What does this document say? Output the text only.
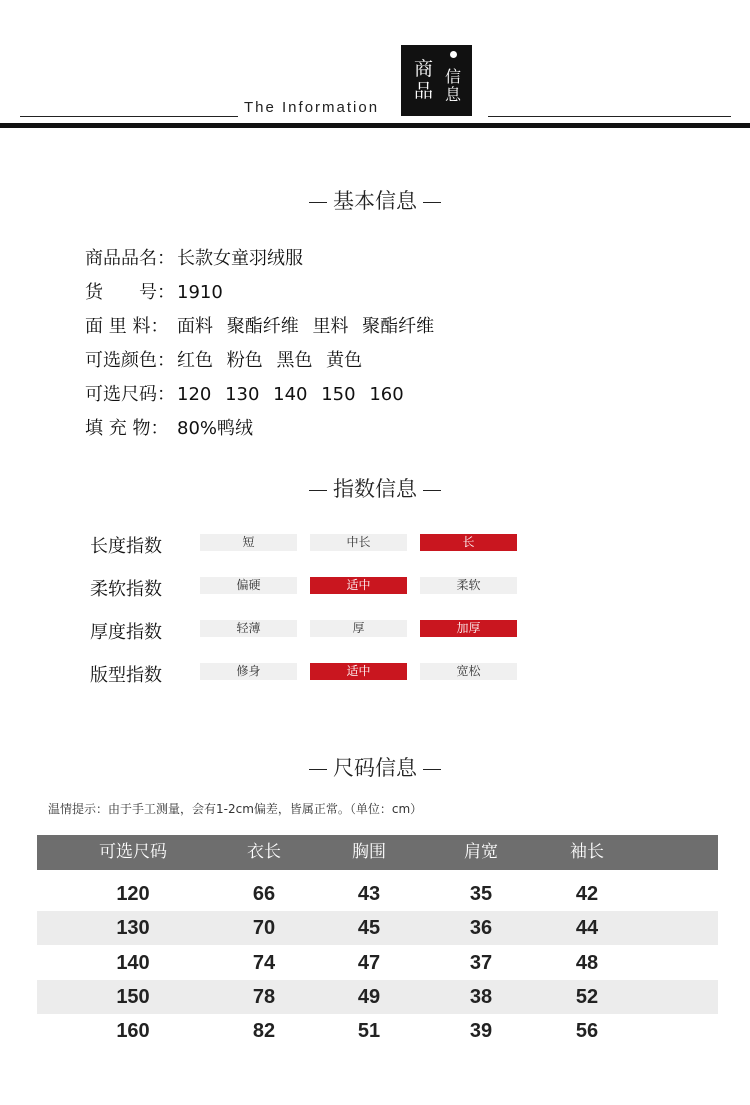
The Information
商品
信息
基本信息
商品品名： 长款女童羽绒服
货　　号： 1910
面 里 料： 面料 聚酯纤维 里料 聚酯纤维
可选颜色： 红色 粉色 黑色 黄色
可选尺码： 120 130 140 150 160
填 充 物： 80%鸭绒
指数信息
长度指数	短	中长	长
柔软指数	偏硬	适中	柔软
厚度指数	轻薄	厚	加厚
版型指数	修身	适中	宽松
尺码信息
温情提示：由于手工测量，会有1-2cm偏差，皆属正常。（单位：cm）
可选尺码	衣长	胸围	肩宽	袖长
120	66	43	35	42
130	70	45	36	44
140	74	47	37	48
150	78	49	38	52
160	82	51	39	56
